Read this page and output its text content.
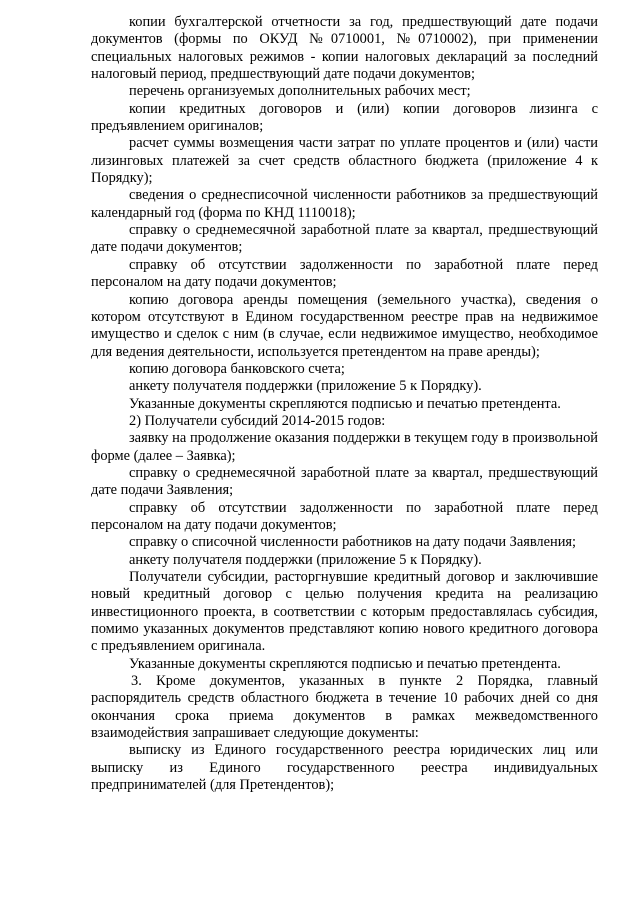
копии бухгалтерской отчетности за год, предшествующий дате подачи документов (формы по ОКУД №0710001, №0710002), при применении специальных налоговых режимов - копии налоговых деклараций за последний налоговый период, предшествующий дате подачи документов;

перечень организуемых дополнительных рабочих мест;

копии кредитных договоров и (или) копии договоров лизинга с предъявлением оригиналов;

расчет суммы возмещения части затрат по уплате процентов и (или) части лизинговых платежей за счет средств областного бюджета (приложение 4 к Порядку);

сведения о среднесписочной численности работников за предшествующий календарный год (форма по КНД 1110018);

справку о среднемесячной заработной плате за квартал, предшествующий дате подачи документов;

справку об отсутствии задолженности по заработной плате перед персоналом на дату подачи документов;

копию договора аренды помещения (земельного участка), сведения о котором отсутствуют в Едином государственном реестре прав на недвижимое имущество и сделок с ним (в случае, если недвижимое имущество, необходимое для ведения деятельности, используется претендентом на праве аренды);

копию договора банковского счета;

анкету получателя поддержки (приложение 5 к Порядку).

Указанные документы скрепляются подписью и печатью претендента.

2) Получатели субсидий 2014-2015 годов:

заявку на продолжение оказания поддержки в текущем году в произвольной форме (далее – Заявка);

справку о среднемесячной заработной плате за квартал, предшествующий дате подачи Заявления;

справку об отсутствии задолженности по заработной плате перед персоналом на дату подачи документов;

справку о списочной численности работников на дату подачи Заявления;

анкету получателя поддержки (приложение 5 к Порядку).

Получатели субсидии, расторгнувшие кредитный договор и заключившие новый кредитный договор с целью получения кредита на реализацию инвестиционного проекта, в соответствии с которым предоставлялась субсидия, помимо указанных документов представляют копию нового кредитного договора с предъявлением оригинала.

Указанные документы скрепляются подписью и печатью претендента.

3. Кроме документов, указанных в пункте 2 Порядка, главный распорядитель средств областного бюджета в течение 10 рабочих дней со дня окончания срока приема документов в рамках межведомственного взаимодействия запрашивает следующие документы:

выписку из Единого государственного реестра юридических лиц или выписку из Единого государственного реестра индивидуальных предпринимателей (для Претендентов);
